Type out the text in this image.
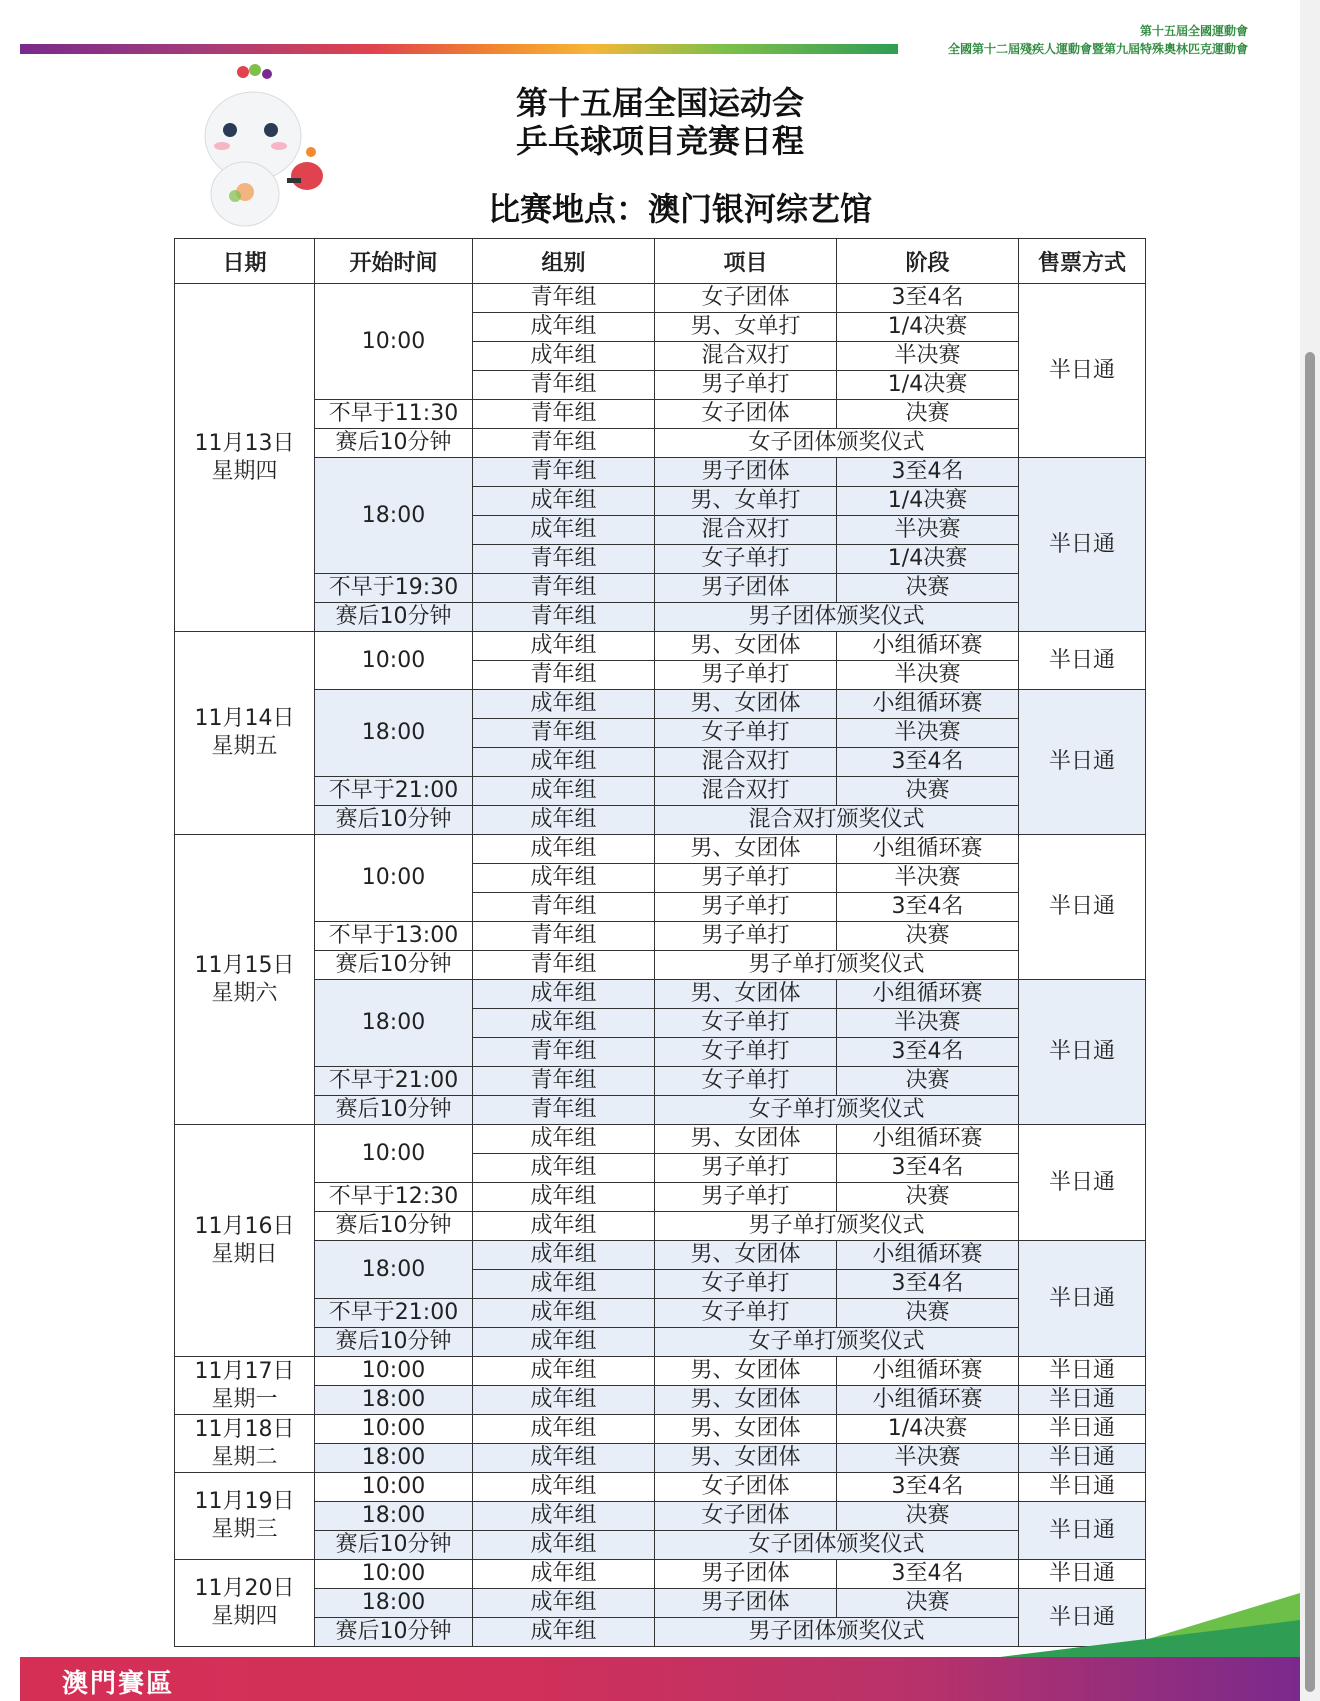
第十五屆全國運動會
全國第十二屆殘疾人運動會暨第九屆特殊奧林匹克運動會
第十五届全国运动会
乒乓球项目竞赛日程
比赛地点：澳门银河综艺馆
日期	开始时间	组别	项目	阶段	售票方式
11月13日
星期四	10:00	青年组	女子团体	3至4名	半日通
		成年组	男、女单打	1/4决赛	
		成年组	混合双打	半决赛	
		青年组	男子单打	1/4决赛	
	不早于11:30	青年组	女子团体	决赛	
	赛后10分钟	青年组	女子团体颁奖仪式		
	18:00	青年组	男子团体	3至4名	半日通
		成年组	男、女单打	1/4决赛	
		成年组	混合双打	半决赛	
		青年组	女子单打	1/4决赛	
	不早于19:30	青年组	男子团体	决赛	
	赛后10分钟	青年组	男子团体颁奖仪式		
11月14日
星期五	10:00	成年组	男、女团体	小组循环赛	半日通
		青年组	男子单打	半决赛	
	18:00	成年组	男、女团体	小组循环赛	半日通
		青年组	女子单打	半决赛	
		成年组	混合双打	3至4名	
	不早于21:00	成年组	混合双打	决赛	
	赛后10分钟	成年组	混合双打颁奖仪式		
11月15日
星期六	10:00	成年组	男、女团体	小组循环赛	半日通
		成年组	男子单打	半决赛	
		青年组	男子单打	3至4名	
	不早于13:00	青年组	男子单打	决赛	
	赛后10分钟	青年组	男子单打颁奖仪式		
	18:00	成年组	男、女团体	小组循环赛	半日通
		成年组	女子单打	半决赛	
		青年组	女子单打	3至4名	
	不早于21:00	青年组	女子单打	决赛	
	赛后10分钟	青年组	女子单打颁奖仪式		
11月16日
星期日	10:00	成年组	男、女团体	小组循环赛	半日通
		成年组	男子单打	3至4名	
	不早于12:30	成年组	男子单打	决赛	
	赛后10分钟	成年组	男子单打颁奖仪式		
	18:00	成年组	男、女团体	小组循环赛	半日通
		成年组	女子单打	3至4名	
	不早于21:00	成年组	女子单打	决赛	
	赛后10分钟	成年组	女子单打颁奖仪式		
11月17日
星期一	10:00	成年组	男、女团体	小组循环赛	半日通
	18:00	成年组	男、女团体	小组循环赛	半日通
11月18日
星期二	10:00	成年组	男、女团体	1/4决赛	半日通
	18:00	成年组	男、女团体	半决赛	半日通
11月19日
星期三	10:00	成年组	女子团体	3至4名	半日通
	18:00	成年组	女子团体	决赛	半日通
	赛后10分钟	成年组	女子团体颁奖仪式		
11月20日
星期四	10:00	成年组	男子团体	3至4名	半日通
	18:00	成年组	男子团体	决赛	半日通
	赛后10分钟	成年组	男子团体颁奖仪式		
澳門賽區
